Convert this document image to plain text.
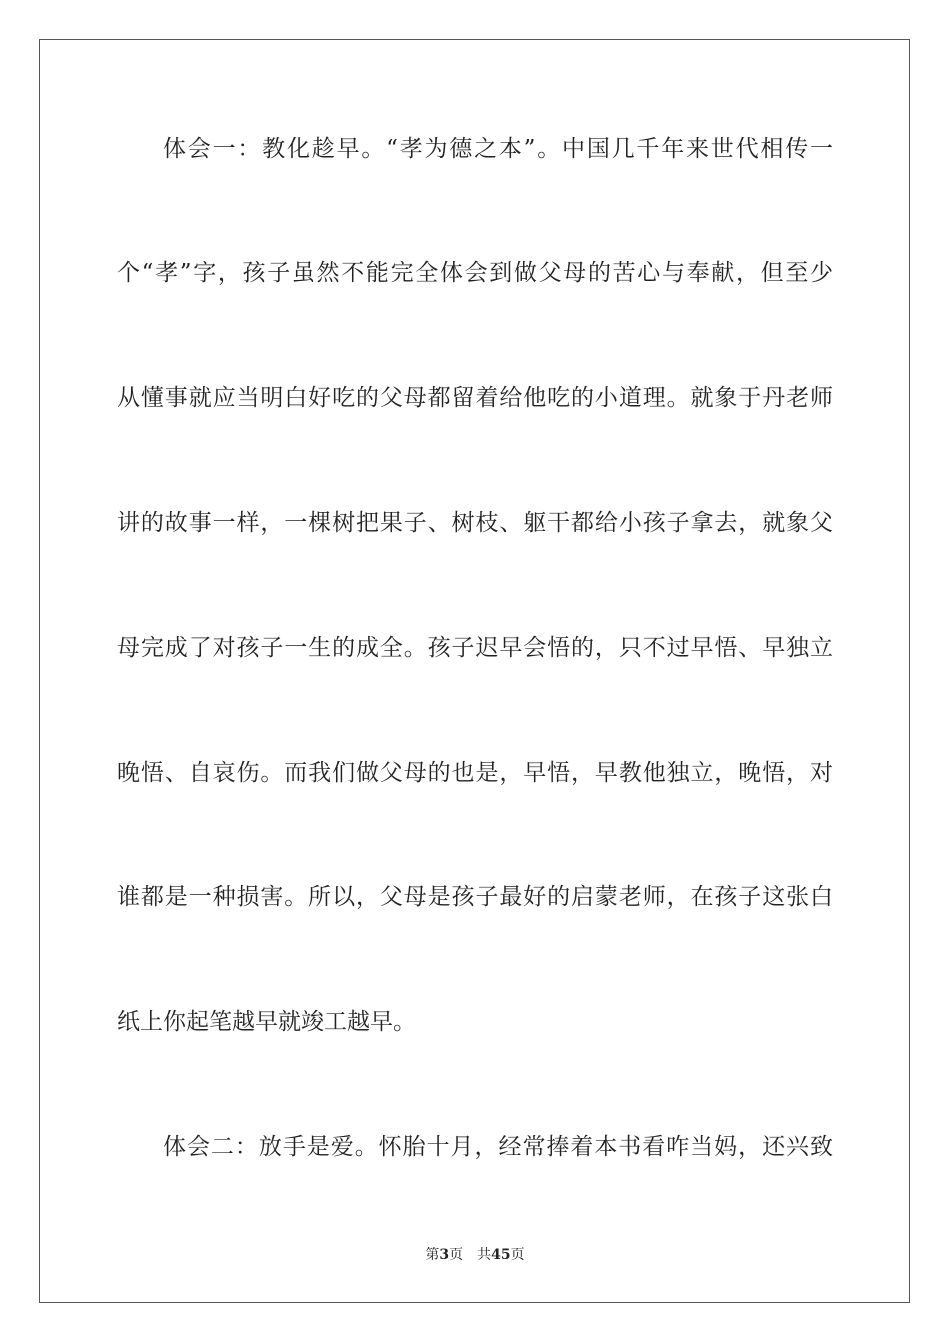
体会一：教化趁早。“孝为德之本”。中国几千年来世代相传一
个“孝”字，孩子虽然不能完全体会到做父母的苦心与奉献，但至少
从懂事就应当明白好吃的父母都留着给他吃的小道理。就象于丹老师
讲的故事一样，一棵树把果子、树枝、躯干都给小孩子拿去，就象父
母完成了对孩子一生的成全。孩子迟早会悟的，只不过早悟、早独立
晚悟、自哀伤。而我们做父母的也是，早悟，早教他独立，晚悟，对
谁都是一种损害。所以，父母是孩子最好的启蒙老师，在孩子这张白
纸上你起笔越早就竣工越早。
体会二：放手是爱。怀胎十月，经常捧着本书看咋当妈，还兴致
第3页 共45页
